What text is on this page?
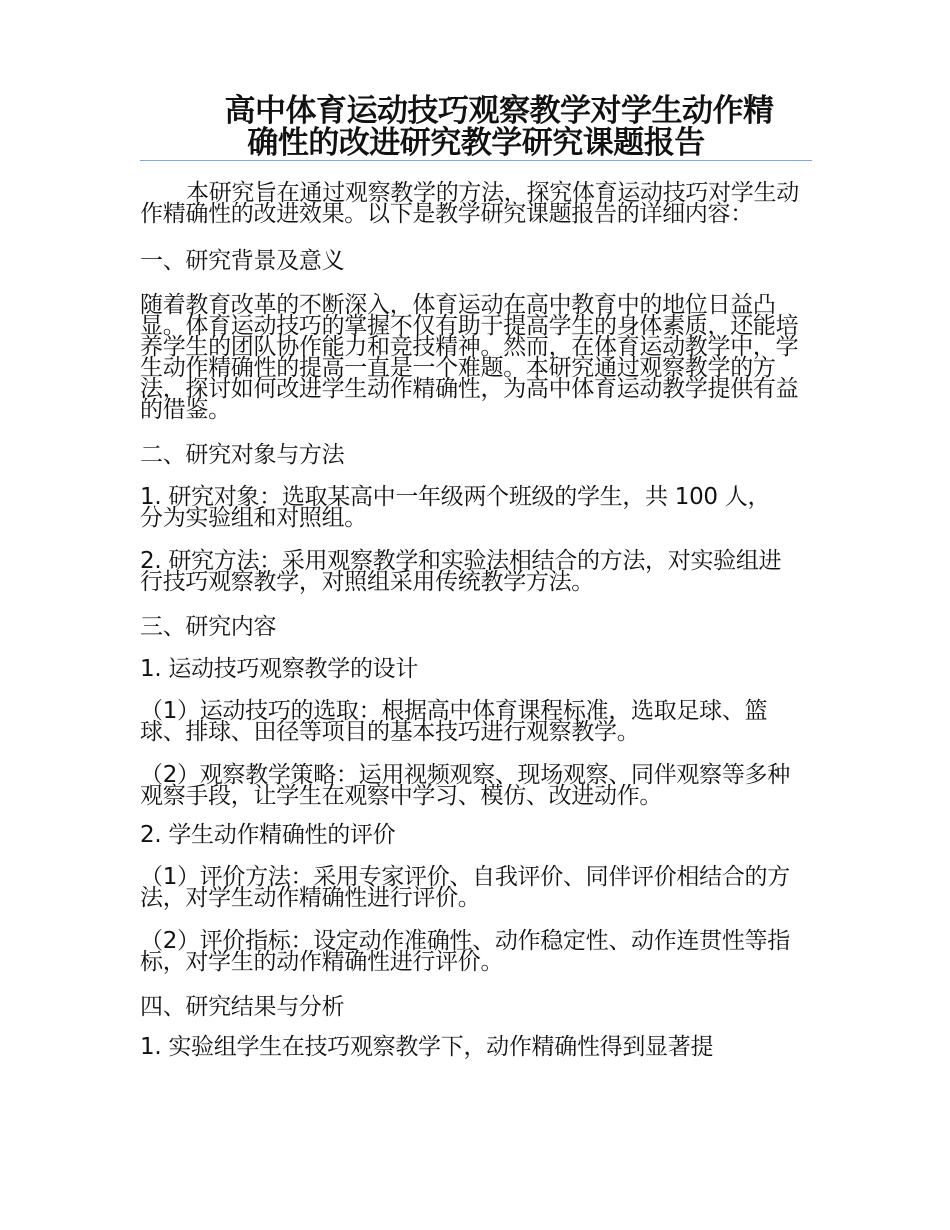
高中体育运动技巧观察教学对学生动作精
确性的改进研究教学研究课题报告

本研究旨在通过观察教学的方法，探究体育运动技巧对学生动作精确性的改进效果。以下是教学研究课题报告的详细内容：

一、研究背景及意义

随着教育改革的不断深入，体育运动在高中教育中的地位日益凸显。体育运动技巧的掌握不仅有助于提高学生的身体素质，还能培养学生的团队协作能力和竞技精神。然而，在体育运动教学中，学生动作精确性的提高一直是一个难题。本研究通过观察教学的方法，探讨如何改进学生动作精确性，为高中体育运动教学提供有益的借鉴。

二、研究对象与方法

1. 研究对象：选取某高中一年级两个班级的学生，共 100 人，分为实验组和对照组。

2. 研究方法：采用观察教学和实验法相结合的方法，对实验组进行技巧观察教学，对照组采用传统教学方法。

三、研究内容

1. 运动技巧观察教学的设计

（1）运动技巧的选取：根据高中体育课程标准，选取足球、篮球、排球、田径等项目的基本技巧进行观察教学。

（2）观察教学策略：运用视频观察、现场观察、同伴观察等多种观察手段，让学生在观察中学习、模仿、改进动作。

2. 学生动作精确性的评价

（1）评价方法：采用专家评价、自我评价、同伴评价相结合的方法，对学生动作精确性进行评价。

（2）评价指标：设定动作准确性、动作稳定性、动作连贯性等指标，对学生的动作精确性进行评价。

四、研究结果与分析

1. 实验组学生在技巧观察教学下，动作精确性得到显著提
